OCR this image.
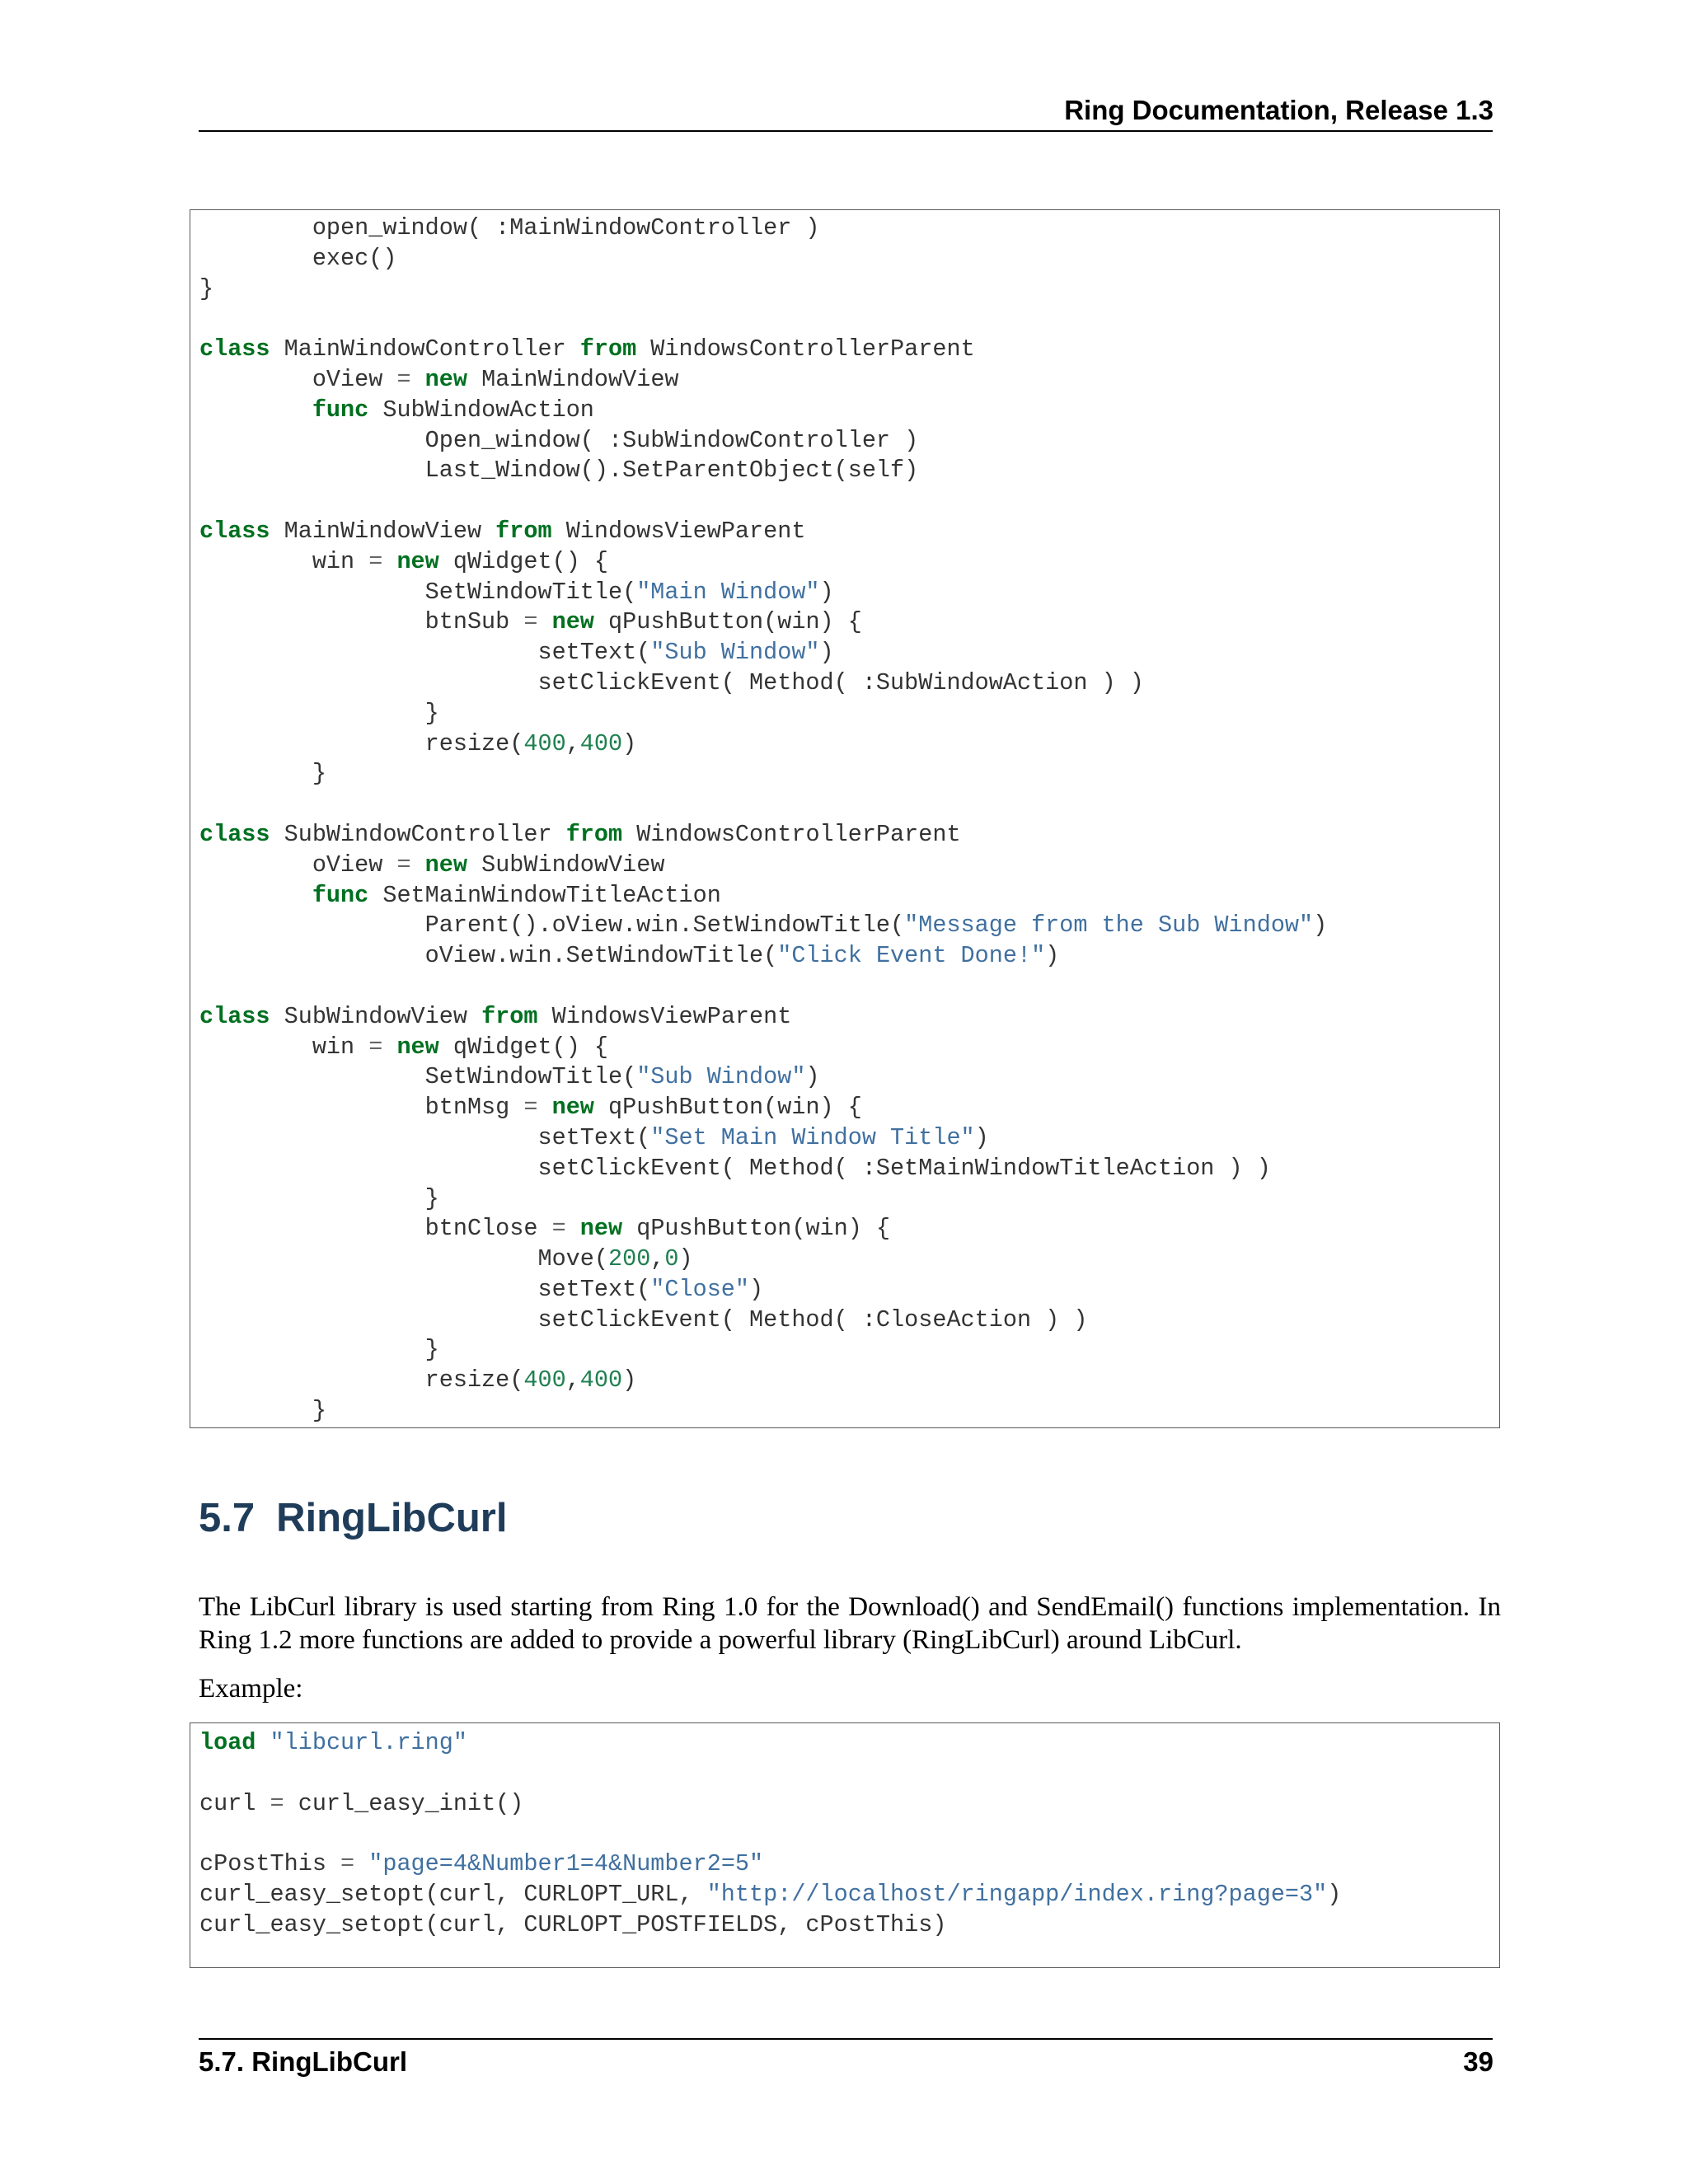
Ring Documentation, Release 1.3
open_window( :MainWindowController )
exec()
}
class MainWindowController from WindowsControllerParent
oView = new MainWindowView
func SubWindowAction
Open_window( :SubWindowController )
Last_Window().SetParentObject(self)
class MainWindowView from WindowsViewParent
win = new qWidget() {
SetWindowTitle("Main Window")
btnSub = new qPushButton(win) {
setText("Sub Window")
setClickEvent( Method( :SubWindowAction ) )
}
resize(400,400)
}
class SubWindowController from WindowsControllerParent
oView = new SubWindowView
func SetMainWindowTitleAction
Parent().oView.win.SetWindowTitle("Message from the Sub Window")
oView.win.SetWindowTitle("Click Event Done!")
class SubWindowView from WindowsViewParent
win = new qWidget() {
SetWindowTitle("Sub Window")
btnMsg = new qPushButton(win) {
setText("Set Main Window Title")
setClickEvent( Method( :SetMainWindowTitleAction ) )
}
btnClose = new qPushButton(win) {
Move(200,0)
setText("Close")
setClickEvent( Method( :CloseAction ) )
}
resize(400,400)
}
5.7 RingLibCurl

The LibCurl library is used starting from Ring 1.0 for the Download() and SendEmail() functions implementation. In Ring 1.2 more functions are added to provide a powerful library (RingLibCurl) around LibCurl.

Example:

load "libcurl.ring"
curl = curl_easy_init()
cPostThis = "page=4&Number1=4&Number2=5"
curl_easy_setopt(curl, CURLOPT_URL, "http://localhost/ringapp/index.ring?page=3")
curl_easy_setopt(curl, CURLOPT_POSTFIELDS, cPostThis)
5.7. RingLibCurl	39
